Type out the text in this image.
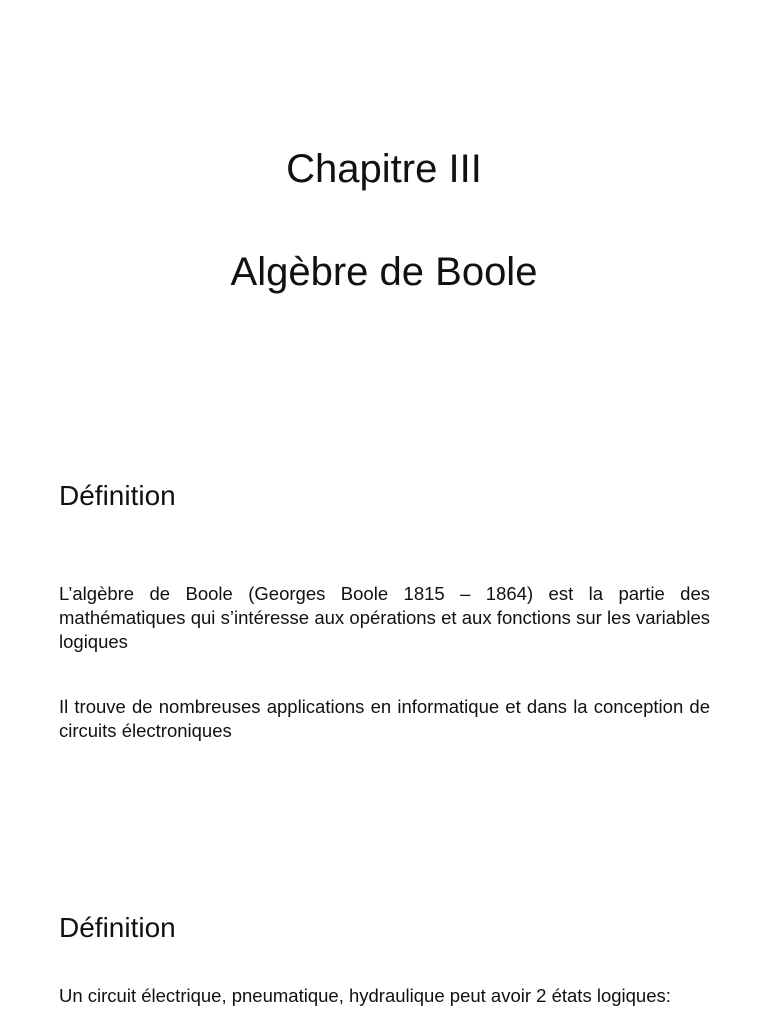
Chapitre III
Algèbre de Boole
Définition

L’algèbre de Boole (Georges Boole 1815 – 1864) est la partie des mathématiques qui s’intéresse aux opérations et aux fonctions sur les variables logiques

Il trouve de nombreuses applications en informatique et dans la conception de circuits électroniques

Définition

Un circuit électrique, pneumatique, hydraulique peut avoir 2 états logiques:
